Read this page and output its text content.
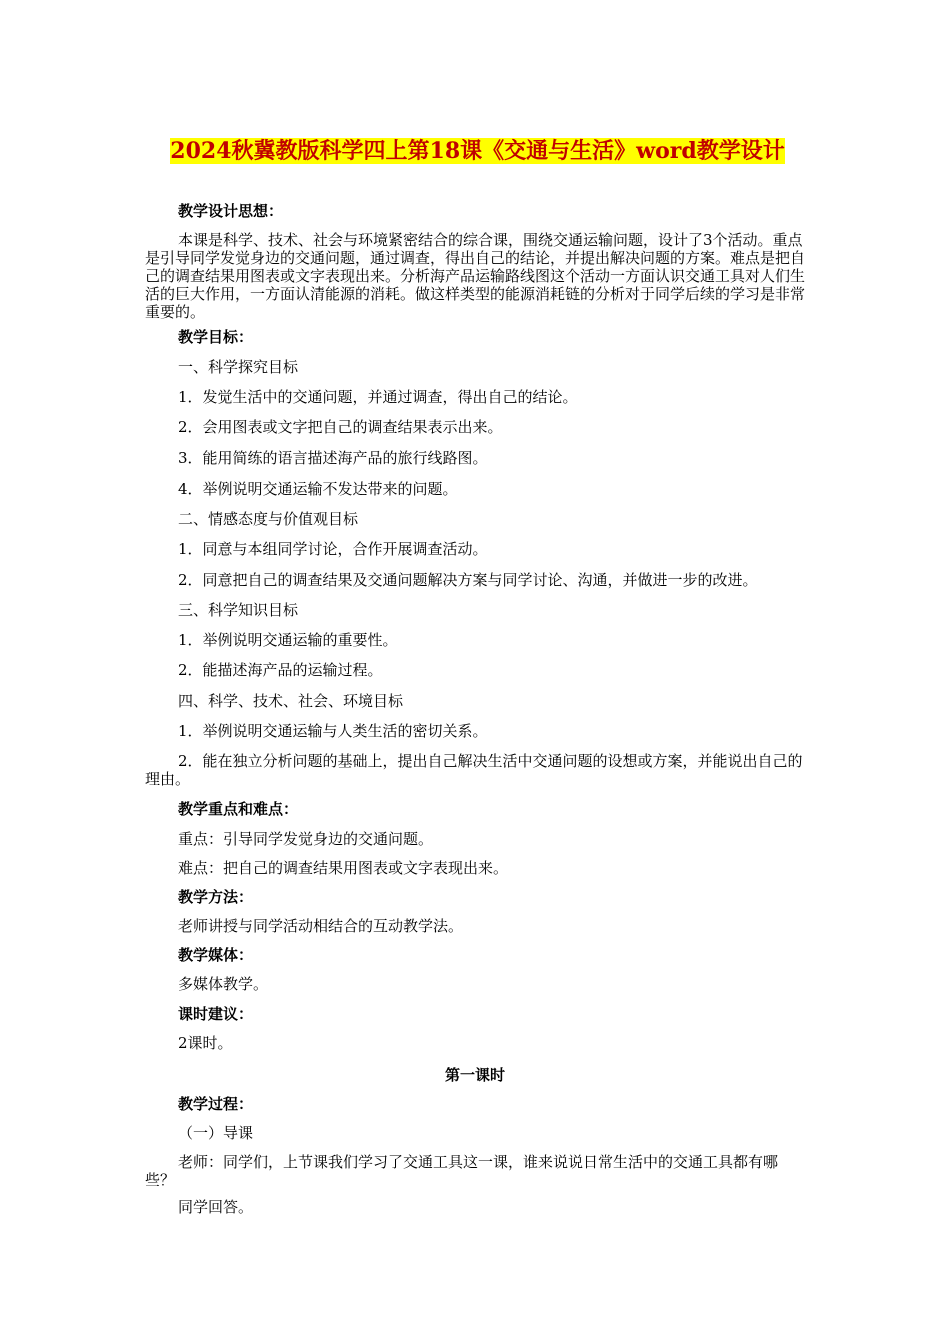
2024秋冀教版科学四上第18课《交通与生活》word教学设计
教学设计思想：
本课是科学、技术、社会与环境紧密结合的综合课，围绕交通运输问题，设计了3个活动。重点是引导同学发觉身边的交通问题，通过调查，得出自己的结论，并提出解决问题的方案。难点是把自己的调查结果用图表或文字表现出来。分析海产品运输路线图这个活动一方面认识交通工具对人们生活的巨大作用，一方面认清能源的消耗。做这样类型的能源消耗链的分析对于同学后续的学习是非常重要的。
教学目标：
一、科学探究目标
1．发觉生活中的交通问题，并通过调查，得出自己的结论。
2．会用图表或文字把自己的调查结果表示出来。
3．能用简练的语言描述海产品的旅行线路图。
4．举例说明交通运输不发达带来的问题。
二、情感态度与价值观目标
1．同意与本组同学讨论，合作开展调查活动。
2．同意把自己的调查结果及交通问题解决方案与同学讨论、沟通，并做进一步的改进。
三、科学知识目标
1．举例说明交通运输的重要性。
2．能描述海产品的运输过程。
四、科学、技术、社会、环境目标
1．举例说明交通运输与人类生活的密切关系。
2．能在独立分析问题的基础上，提出自己解决生活中交通问题的设想或方案，并能说出自己的理由。
教学重点和难点：
重点：引导同学发觉身边的交通问题。
难点：把自己的调查结果用图表或文字表现出来。
教学方法：
老师讲授与同学活动相结合的互动教学法。
教学媒体：
多媒体教学。
课时建议：
2课时。
第一课时
教学过程：
（一）导课
老师：同学们，上节课我们学习了交通工具这一课，谁来说说日常生活中的交通工具都有哪些？
同学回答。
